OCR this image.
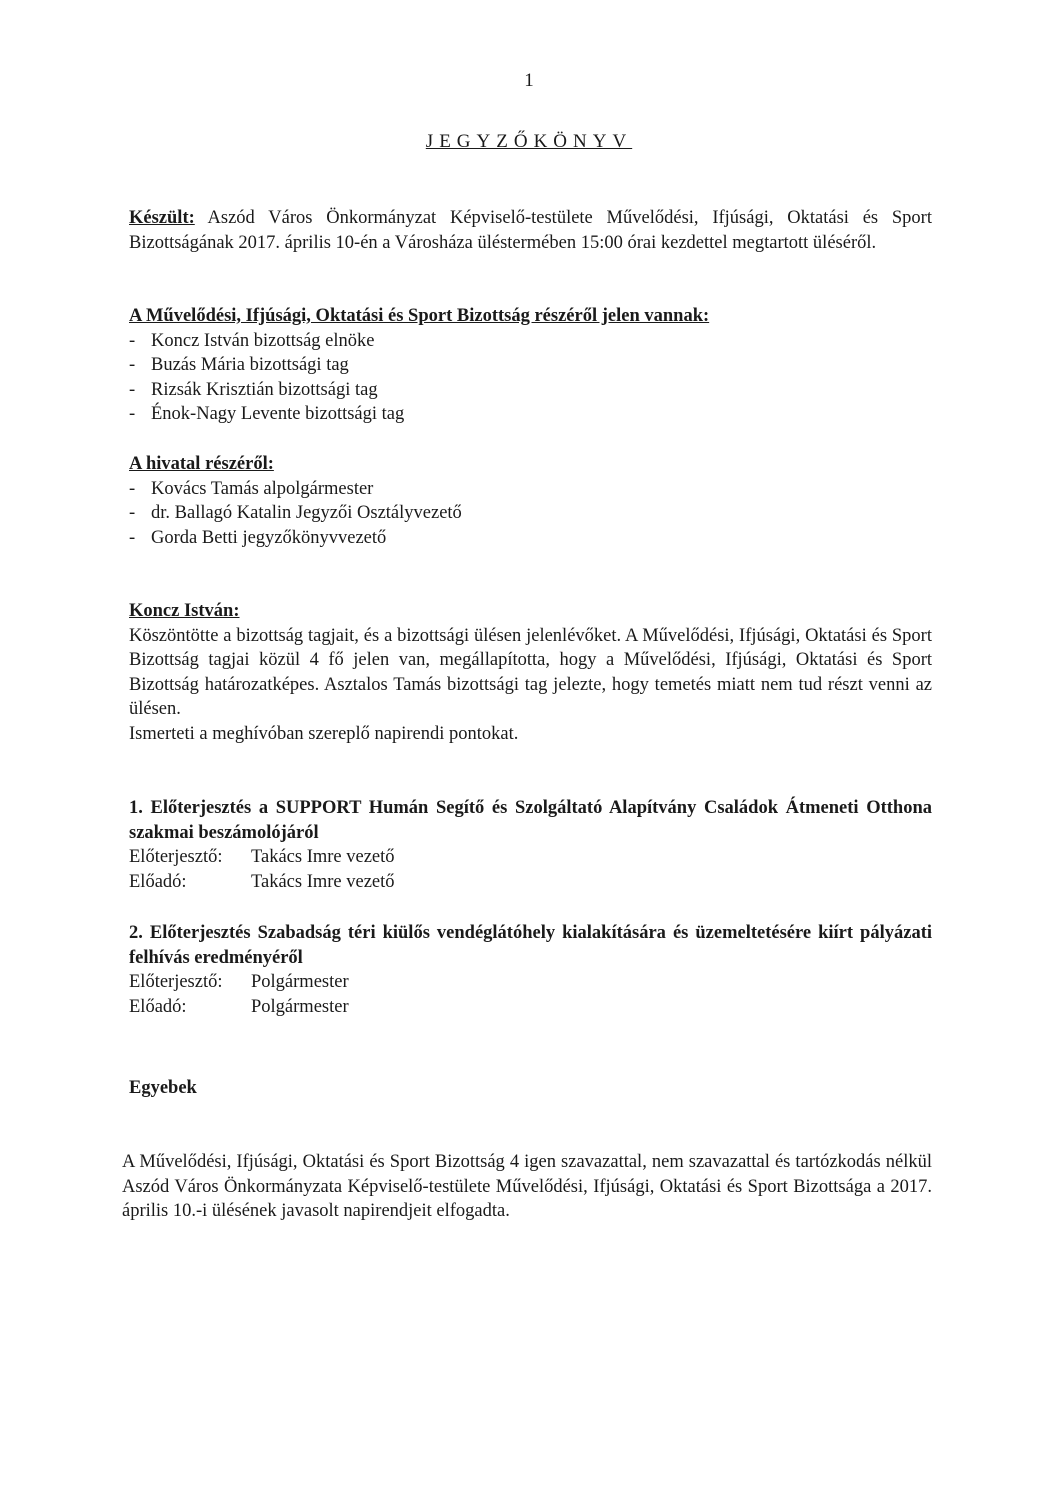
1
JEGYZŐKÖNYV

Készült: Aszód Város Önkormányzat Képviselő-testülete Művelődési, Ifjúsági, Oktatási és Sport Bizottságának 2017. április 10-én a Városháza üléstermében 15:00 órai kezdettel megtartott üléséről.

A Művelődési, Ifjúsági, Oktatási és Sport Bizottság részéről jelen vannak:

- Koncz István bizottság elnöke
- Buzás Mária bizottsági tag
- Rizsák Krisztián bizottsági tag
- Énok-Nagy Levente bizottsági tag

A hivatal részéről:

- Kovács Tamás alpolgármester
- dr. Ballagó Katalin Jegyzői Osztályvezető
- Gorda Betti jegyzőkönyvvezető

Koncz István:

Köszöntötte a bizottság tagjait, és a bizottsági ülésen jelenlévőket. A Művelődési, Ifjúsági, Oktatási és Sport Bizottság tagjai közül 4 fő jelen van, megállapította, hogy a Művelődési, Ifjúsági, Oktatási és Sport Bizottság határozatképes. Asztalos Tamás bizottsági tag jelezte, hogy temetés miatt nem tud részt venni az ülésen.

Ismerteti a meghívóban szereplő napirendi pontokat.

1. Előterjesztés a SUPPORT Humán Segítő és Szolgáltató Alapítvány Családok Átmeneti Otthona szakmai beszámolójáról

Előterjesztő:	Takács Imre vezető
Előadó:	Takács Imre vezető

2. Előterjesztés Szabadság téri kiülős vendéglátóhely kialakítására és üzemeltetésére kiírt pályázati felhívás eredményéről

Előterjesztő:	Polgármester
Előadó:	Polgármester
Egyebek

A Művelődési, Ifjúsági, Oktatási és Sport Bizottság 4 igen szavazattal, nem szavazattal és tartózkodás nélkül Aszód Város Önkormányzata Képviselő-testülete Művelődési, Ifjúsági, Oktatási és Sport Bizottsága a 2017. április 10.-i ülésének javasolt napirendjeit elfogadta.
